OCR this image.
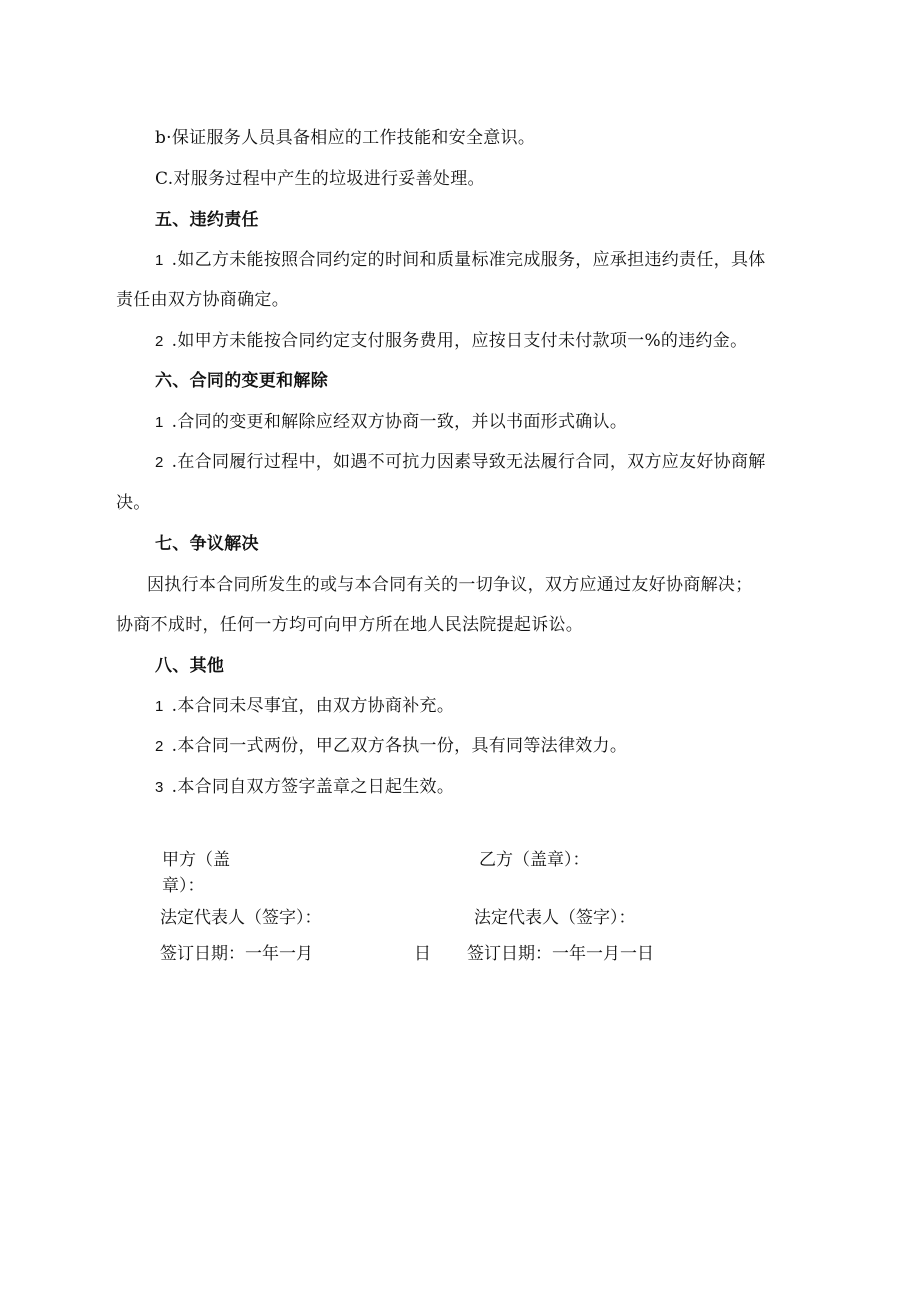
b·保证服务人员具备相应的工作技能和安全意识。
C.对服务过程中产生的垃圾进行妥善处理。
五、违约责任
1 .如乙方未能按照合同约定的时间和质量标准完成服务，应承担违约责任，具体
责任由双方协商确定。
2 .如甲方未能按合同约定支付服务费用，应按日支付未付款项一%的违约金。
六、合同的变更和解除
1 .合同的变更和解除应经双方协商一致，并以书面形式确认。
2 .在合同履行过程中，如遇不可抗力因素导致无法履行合同，双方应友好协商解
决。
七、争议解决
因执行本合同所发生的或与本合同有关的一切争议，双方应通过友好协商解决；
协商不成时，任何一方均可向甲方所在地人民法院提起诉讼。
八、其他
1 .本合同未尽事宜，由双方协商补充。
2 .本合同一式两份，甲乙双方各执一份，具有同等法律效力。
3 .本合同自双方签字盖章之日起生效。
甲方（盖
章）：
乙方（盖章）：
法定代表人（签字）：	法定代表人（签字）：
签订日期：一年一月	日 签订日期：一年一月一日
